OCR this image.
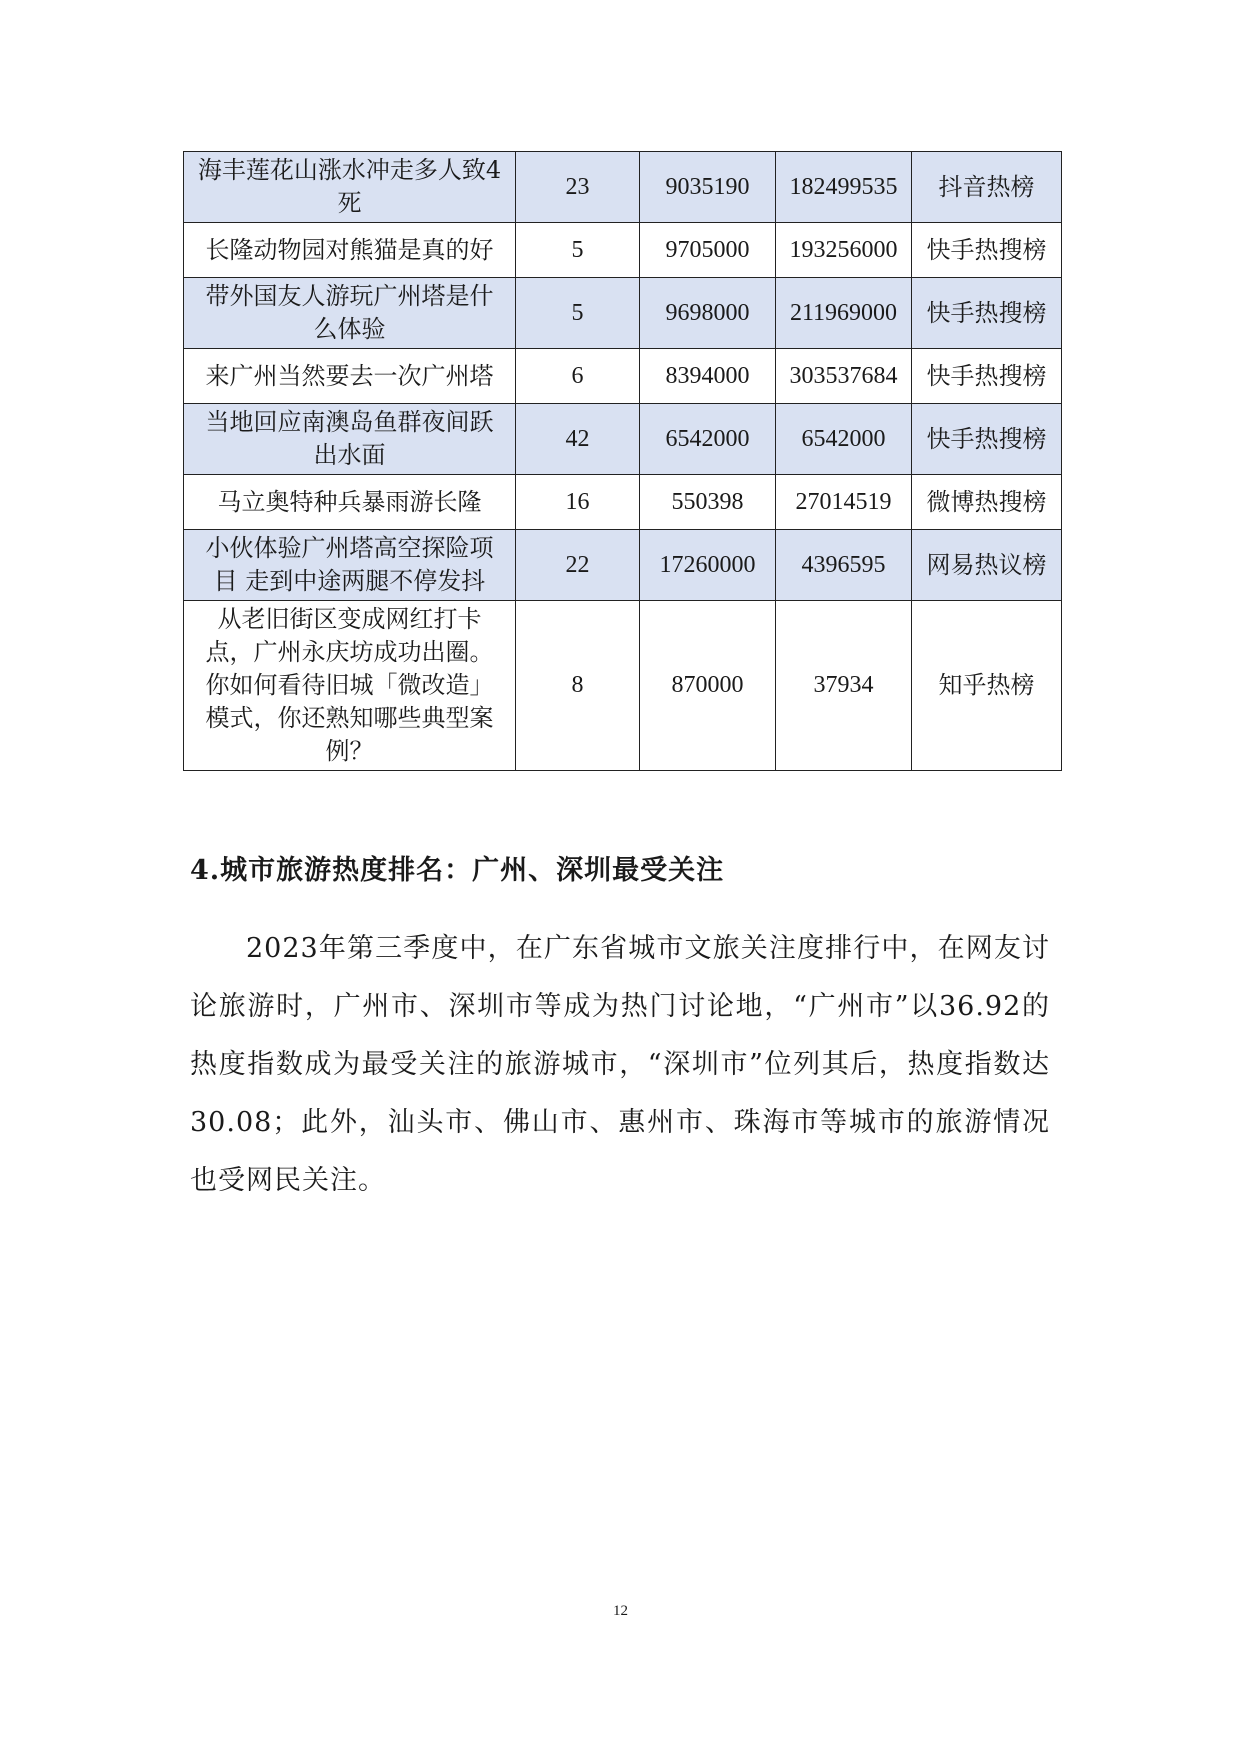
海丰莲花山涨水冲走多人致4死	23	9035190	182499535	抖音热榜
长隆动物园对熊猫是真的好	5	9705000	193256000	快手热搜榜
带外国友人游玩广州塔是什么体验	5	9698000	211969000	快手热搜榜
来广州当然要去一次广州塔	6	8394000	303537684	快手热搜榜
当地回应南澳岛鱼群夜间跃出水面	42	6542000	6542000	快手热搜榜
马立奥特种兵暴雨游长隆	16	550398	27014519	微博热搜榜
小伙体验广州塔高空探险项目 走到中途两腿不停发抖	22	17260000	4396595	网易热议榜
从老旧街区变成网红打卡点，广州永庆坊成功出圈。你如何看待旧城「微改造」模式，你还熟知哪些典型案例？	8	870000	37934	知乎热榜
4.城市旅游热度排名：广州、深圳最受关注

2023年第三季度中，在广东省城市文旅关注度排行中，在网友讨论旅游时，广州市、深圳市等成为热门讨论地，“广州市”以36.92的热度指数成为最受关注的旅游城市，“深圳市”位列其后，热度指数达30.08；此外，汕头市、佛山市、惠州市、珠海市等城市的旅游情况也受网民关注。

12
